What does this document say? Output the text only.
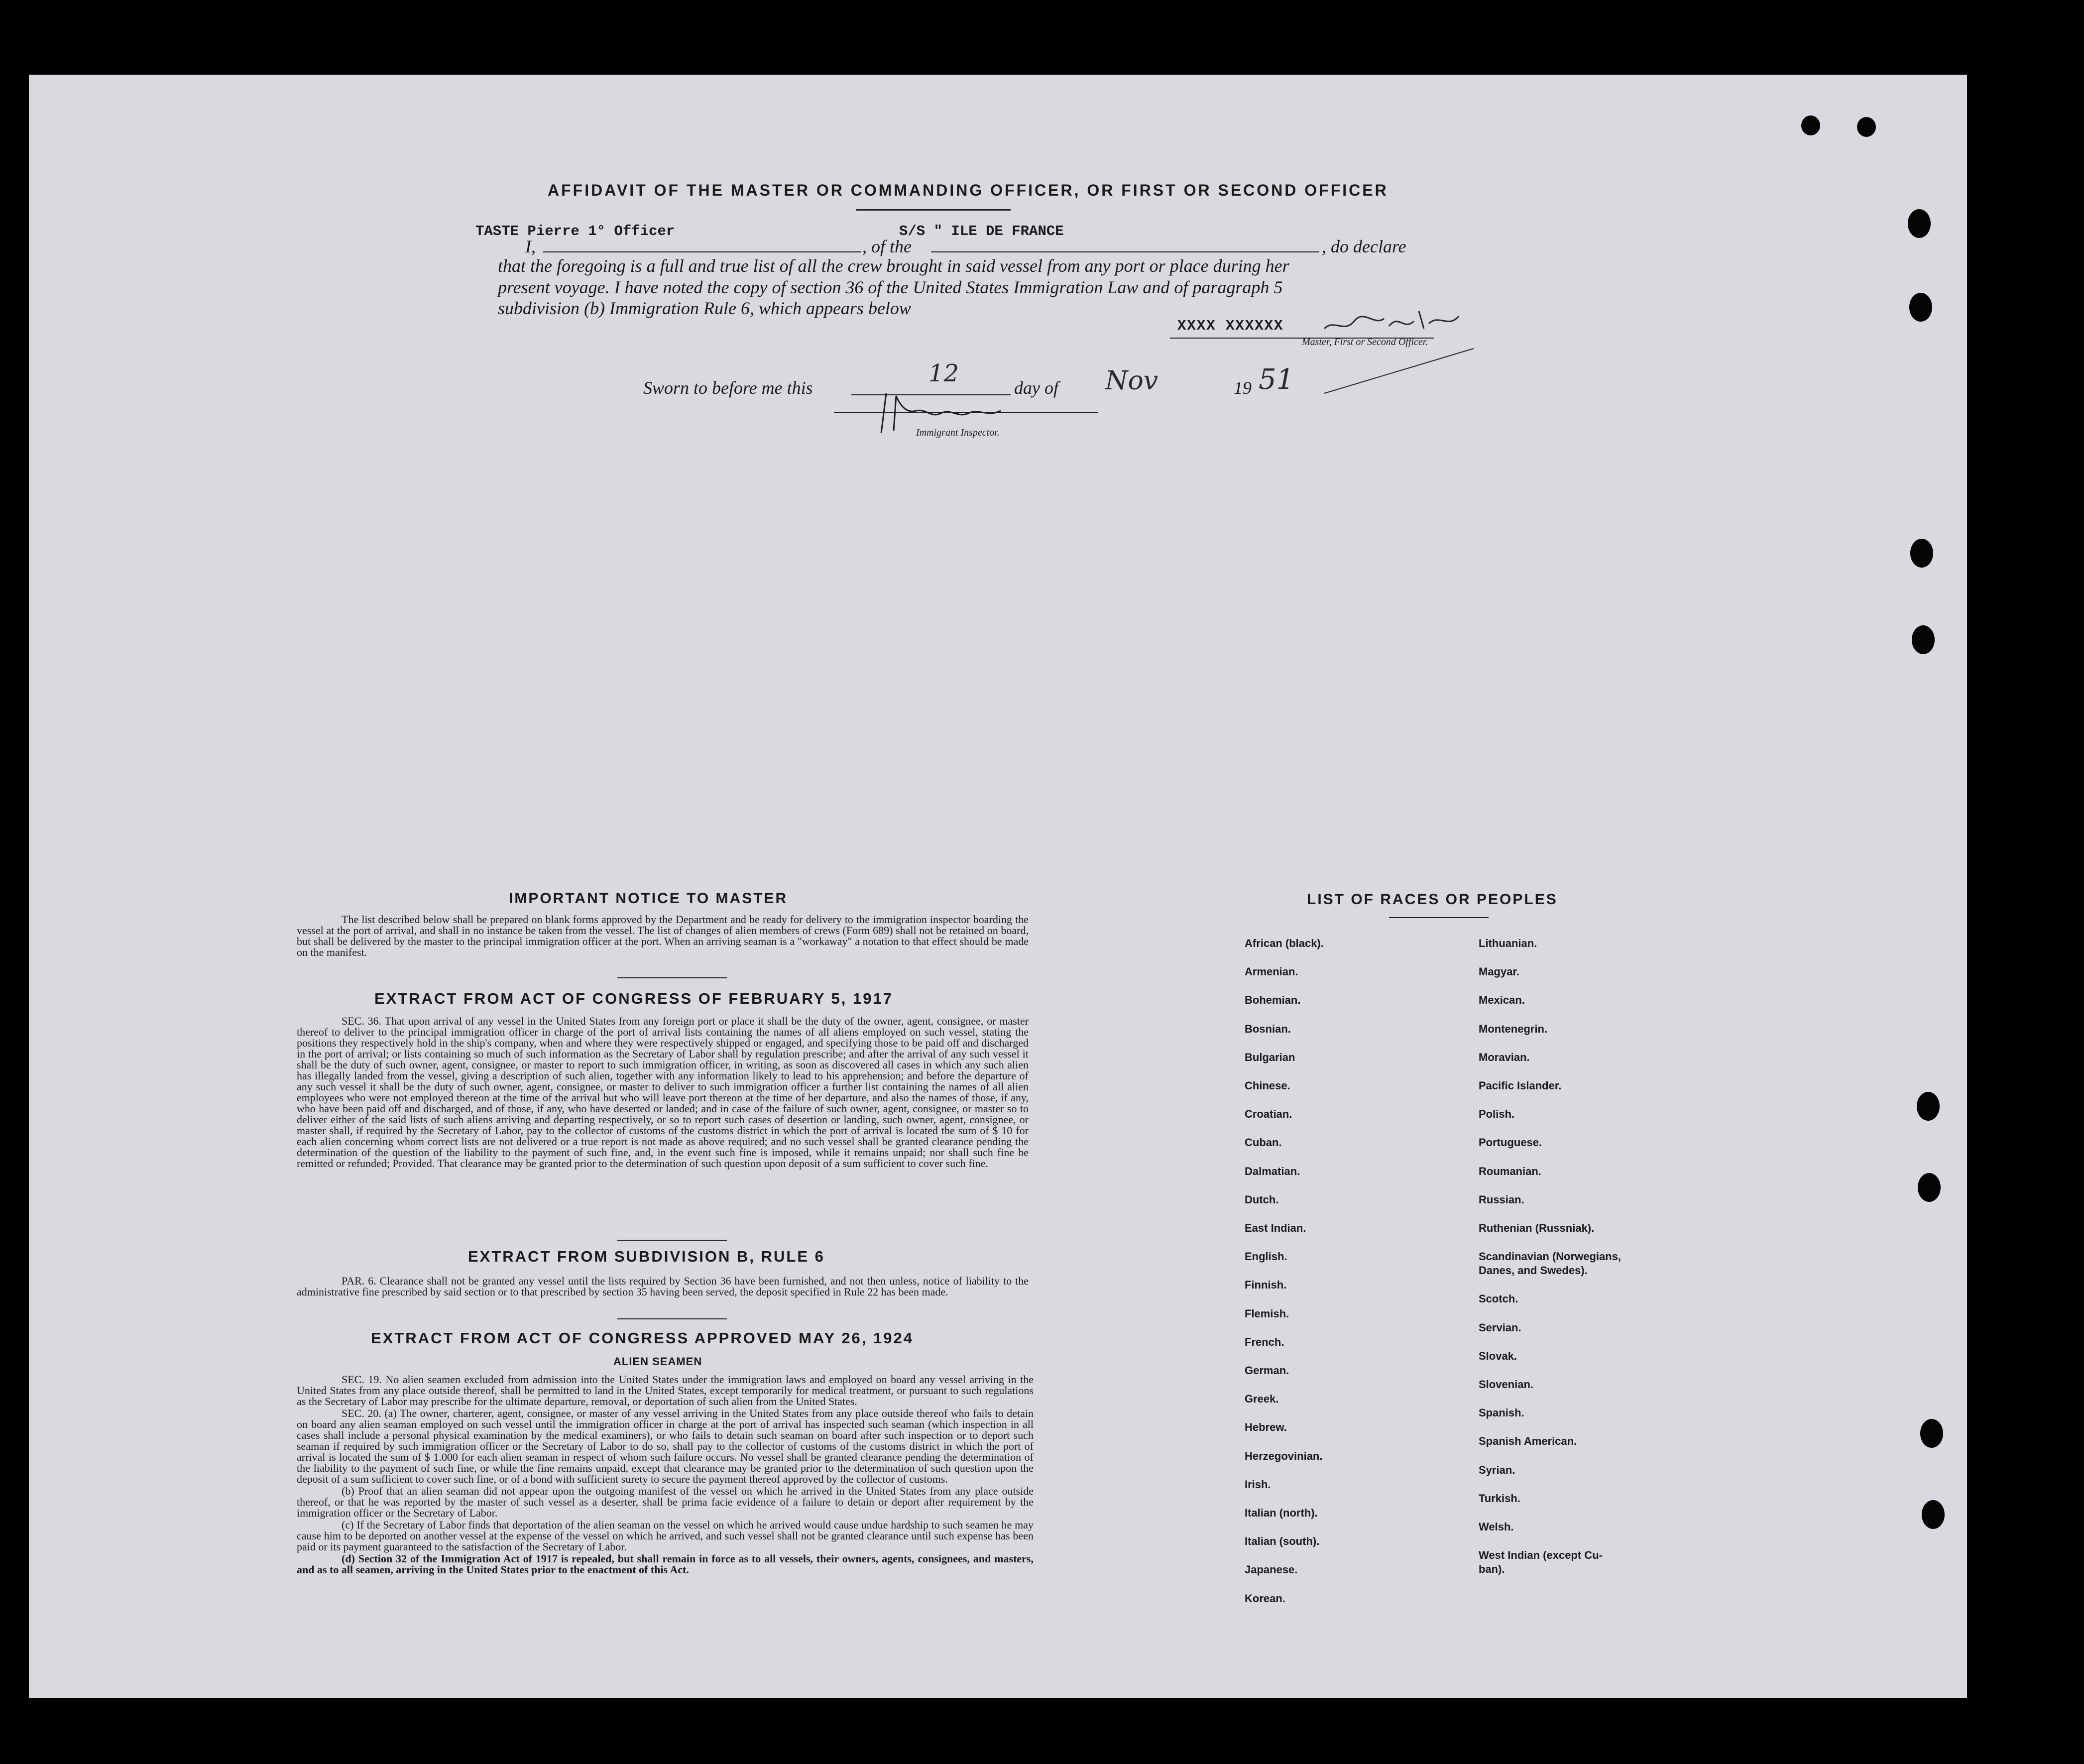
AFFIDAVIT OF THE MASTER OR COMMANDING OFFICER, OR FIRST OR SECOND OFFICER
TASTE Pierre 1° Officer	S/S " ILE DE FRANCE
I,	, of the	, do declare
that the foregoing is a full and true list of all the crew brought in said vessel from any port or place during her
present voyage. I have noted the copy of section 36 of the United States Immigration Law and of paragraph 5
subdivision (b) Immigration Rule 6, which appears below
XXXX XXXXXX
Master, First or Second Officer.
Sworn to before me this
12
day of Nov	19 51
Immigrant Inspector.
IMPORTANT NOTICE TO MASTER

The list described below shall be prepared on blank forms approved by the Department and be ready for delivery to the immigration inspector boarding the vessel at the port of arrival, and shall in no instance be taken from the vessel. The list of changes of alien members of crews (Form 689) shall not be retained on board, but shall be delivered by the master to the principal immigration officer at the port. When an arriving seaman is a "workaway" a notation to that effect should be made on the manifest.

EXTRACT FROM ACT OF CONGRESS OF FEBRUARY 5, 1917

SEC. 36. That upon arrival of any vessel in the United States from any foreign port or place it shall be the duty of the owner, agent, consignee, or master thereof to deliver to the principal immigration officer in charge of the port of arrival lists containing the names of all aliens employed on such vessel, stating the positions they respectively hold in the ship's company, when and where they were respectively shipped or engaged, and specifying those to be paid off and discharged in the port of arrival; or lists containing so much of such information as the Secretary of Labor shall by regulation prescribe; and after the arrival of any such vessel it shall be the duty of such owner, agent, consignee, or master to report to such immigration officer, in writing, as soon as discovered all cases in which any such alien has illegally landed from the vessel, giving a description of such alien, together with any information likely to lead to his apprehension; and before the departure of any such vessel it shall be the duty of such owner, agent, consignee, or master to deliver to such immigration officer a further list containing the names of all alien employees who were not employed thereon at the time of the arrival but who will leave port thereon at the time of her departure, and also the names of those, if any, who have been paid off and discharged, and of those, if any, who have deserted or landed; and in case of the failure of such owner, agent, consignee, or master so to deliver either of the said lists of such aliens arriving and departing respectively, or so to report such cases of desertion or landing, such owner, agent, consignee, or master shall, if required by the Secretary of Labor, pay to the collector of customs of the customs district in which the port of arrival is located the sum of $ 10 for each alien concerning whom correct lists are not delivered or a true report is not made as above required; and no such vessel shall be granted clearance pending the determination of the question of the liability to the payment of such fine, and, in the event such fine is imposed, while it remains unpaid; nor shall such fine be remitted or refunded; Provided. That clearance may be granted prior to the determination of such question upon deposit of a sum sufficient to cover such fine.

EXTRACT FROM SUBDIVISION B, RULE 6

PAR. 6. Clearance shall not be granted any vessel until the lists required by Section 36 have been furnished, and not then unless, notice of liability to the administrative fine prescribed by said section or to that prescribed by section 35 having been served, the deposit specified in Rule 22 has been made.

EXTRACT FROM ACT OF CONGRESS APPROVED MAY 26, 1924
ALIEN SEAMEN

SEC. 19. No alien seamen excluded from admission into the United States under the immigration laws and employed on board any vessel arriving in the United States from any place outside thereof, shall be permitted to land in the United States, except temporarily for medical treatment, or pursuant to such regulations as the Secretary of Labor may prescribe for the ultimate departure, removal, or deportation of such alien from the United States.

SEC. 20. (a) The owner, charterer, agent, consignee, or master of any vessel arriving in the United States from any place outside thereof who fails to detain on board any alien seaman employed on such vessel until the immigration officer in charge at the port of arrival has inspected such seaman (which inspection in all cases shall include a personal physical examination by the medical examiners), or who fails to detain such seaman on board after such inspection or to deport such seaman if required by such immigration officer or the Secretary of Labor to do so, shall pay to the collector of customs of the customs district in which the port of arrival is located the sum of $ 1.000 for each alien seaman in respect of whom such failure occurs. No vessel shall be granted clearance pending the determination of the liability to the payment of such fine, or while the fine remains unpaid, except that clearance may be granted prior to the determination of such question upon the deposit of a sum sufficient to cover such fine, or of a bond with sufficient surety to secure the payment thereof approved by the collector of customs.

(b) Proof that an alien seaman did not appear upon the outgoing manifest of the vessel on which he arrived in the United States from any place outside thereof, or that he was reported by the master of such vessel as a deserter, shall be prima facie evidence of a failure to detain or deport after requirement by the immigration officer or the Secretary of Labor.

(c) If the Secretary of Labor finds that deportation of the alien seaman on the vessel on which he arrived would cause undue hardship to such seamen he may cause him to be deported on another vessel at the expense of the vessel on which he arrived, and such vessel shall not be granted clearance until such expense has been paid or its payment guaranteed to the satisfaction of the Secretary of Labor.

(d) Section 32 of the Immigration Act of 1917 is repealed, but shall remain in force as to all vessels, their owners, agents, consignees, and masters, and as to all seamen, arriving in the United States prior to the enactment of this Act.

LIST OF RACES OR PEOPLES
African (black).
Armenian.
Bohemian.
Bosnian.
Bulgarian
Chinese.
Croatian.
Cuban.
Dalmatian.
Dutch.
East Indian.
English.
Finnish.
Flemish.
French.
German.
Greek.
Hebrew.
Herzegovinian.
Irish.
Italian (north).
Italian (south).
Japanese.
Korean.
Lithuanian.
Magyar.
Mexican.
Montenegrin.
Moravian.
Pacific Islander.
Polish.
Portuguese.
Roumanian.
Russian.
Ruthenian (Russniak).
Scandinavian (Norwegians,
Danes, and Swedes).
Scotch.
Servian.
Slovak.
Slovenian.
Spanish.
Spanish American.
Syrian.
Turkish.
Welsh.
West Indian (except Cu-
ban).
